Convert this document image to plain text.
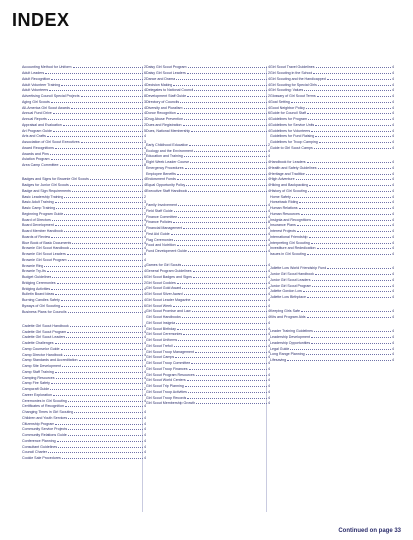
INDEX
Accounting Method for Uniform	2
Adult Leaders	6
Adult Recognition	2
Adult Volunteer Training	4
Adult Volunteers	4
Advertising Council Special Projects	8
Aging Girl Scouts	3
All-America Girl Scout Awards	4
Annual Fund Drive	4
Annual Reports	3
Appraisal and Evaluation	2
Art Program Guide	5
Arts and Crafts	4
Association of Girl Scout Executives	3
Award Recognitions	4
Awards and Pins	2
Aviation Program	4
Area Camp Committee	8
Badges and Signs for Brownie Girl Scouts	4
Badges for Junior Girl Scouts	4
Badge and Sign Requirements	4
Basic Leadership Training	2
Basic Adult Training	3
Basic Camp Training	2
Beginning Program Guide	2
Board of Directors	4
Board Development	4
Board Member Handbook	4
Boards of Review	4
Blue Book of Basic Documents	4
Brownie Girl Scout Handbook	4
Brownie Girl Scout Leaders	8
Brownie Girl Scout Program	4
Brownie Ring	4
Brownie Try-Its	4
Budget Guidelines	6
Bridging Ceremonies	2
Bridging Activities	4
Bulletin Board Ideas	4
Burning Candles Safety	4
Byways of Girl Scouting	6
Business Plans for Councils	4
Cadette Girl Scout Handbook	4
Cadette Girl Scout Program	4
Cadette Girl Scout Leaders	4
Cadette Challenges	4
Camp Counselor Guide	4
Camp Director Handbook	4
Camp Standards and Accreditation	4
Camp Site Development	4
Camp Staff Training	4
Camping Resources	4
Camp Fire Safety	4
Campcraft Guide	2
Career Exploration	4
Ceremonies in Girl Scouting	4
Certificates of Recognition	4
Changing Times in Girl Scouting	4
Children and Youth Services	4
Citizenship Program	4
Community Service Projects	4
Community Relations Guide	4
Conference Planning	4
Consultant Guidelines	4
Council Charter	4
Cookie Sale Procedures	4
Daisy Girl Scout Program	4
Daisy Girl Scout Leaders	2
Dance and Drama	4
Decision Making	4
Delegates to National Council	4
Development Staff Guide	2
Directory of Councils	4
Diversity and Pluralism	4
Donor Recognition	6
Drug Abuse Prevention	4
Dues and Registration	4
Dues, National Membership	4
Early Childhood Education	2
Ecology and the Environment	4
Education and Training	4
Eight Week Leader Course	4
Emergency Procedures	4
Employee Benefits	4
Endowment Funds	4
Equal Opportunity Policy	4
Executive Staff Handbook	4
Family Involvement	4
Field Staff Guide	4
Finance Committee	4
Finance Policies	8
Financial Management	4
First Aid Guide	4
Flag Ceremonies	4
Food and Nutrition	4
Fund Development Guide	4
Games for Girl Scouts	4
General Program Guidelines	4
Girl Scout Badges and Signs	4
Girl Scout Cookies	4
Girl Scout Gold Award	4
Girl Scout Silver Award	4
Girl Scout Leader Magazine	4
Girl Scout Week	4
Girl Scout Promise and Law	4
Girl Scout Handbooks	4
Girl Scout Insignia	4
Girl Scout Birthday	4
Girl Scout Ceremonies	4
Girl Scout Uniforms	4
Girl Scout Trefoil	4
Girl Scout Troop Management	4
Girl Scout Camps	4
Girl Scout Troop Committee	4
Girl Scout Troop Finances	4
Girl Scout Program Resources	4
Girl Scout World Centers	4
Girl Scout Trip Planning	4
Girl Scout Troop Activities	4
Girl Scout Troop Records	4
Girl Scout Membership Growth	4
Girl Scout Travel Guidelines	4
Girl Scouting in the School	4
Girl Scouting and the Handicapped	4
Girl Scouting for Special Girls	4
Girl Scouting: Values	4
Glossary of Girl Scout Terms	4
Goal Setting	4
Good Neighbor Policy	4
Guide for Council Staff	4
Guidelines for Program	4
Guidelines for Service Units	4
Guidelines for Volunteers	4
Guidelines for Fund Raising	4
Guidelines for Troop Camping	4
Guide to Girl Scout Camps	4
Handbook for Leaders	4
Health and Safety Guidelines	4
Heritage and Tradition	4
High Adventure	4
Hiking and Backpacking	4
History of Girl Scouting	4
Home Safety	4
Horseback Riding	4
Human Relations	4
Human Resources	4
Insignia and Recognitions	4
Insurance Plans	4
Interest Projects	4
International Friendship	4
Interpreting Girl Scouting	4
Investiture and Rededication	4
Issues in Girl Scouting	4
Juliette Low World Friendship Fund	4
Junior Girl Scout Handbook	4
Junior Girl Scout Leaders	4
Junior Girl Scout Program	4
Juliette Gordon Low	4
Juliette Low Birthplace	4
Keeping Girls Safe	4
Kits and Program Aids	4
Leader Training Guidelines	4
Leadership Development	4
Leadership Opportunities	4
Legal Guide	4
Long Range Planning	4
Lifesaving	4
Continued on page 33
